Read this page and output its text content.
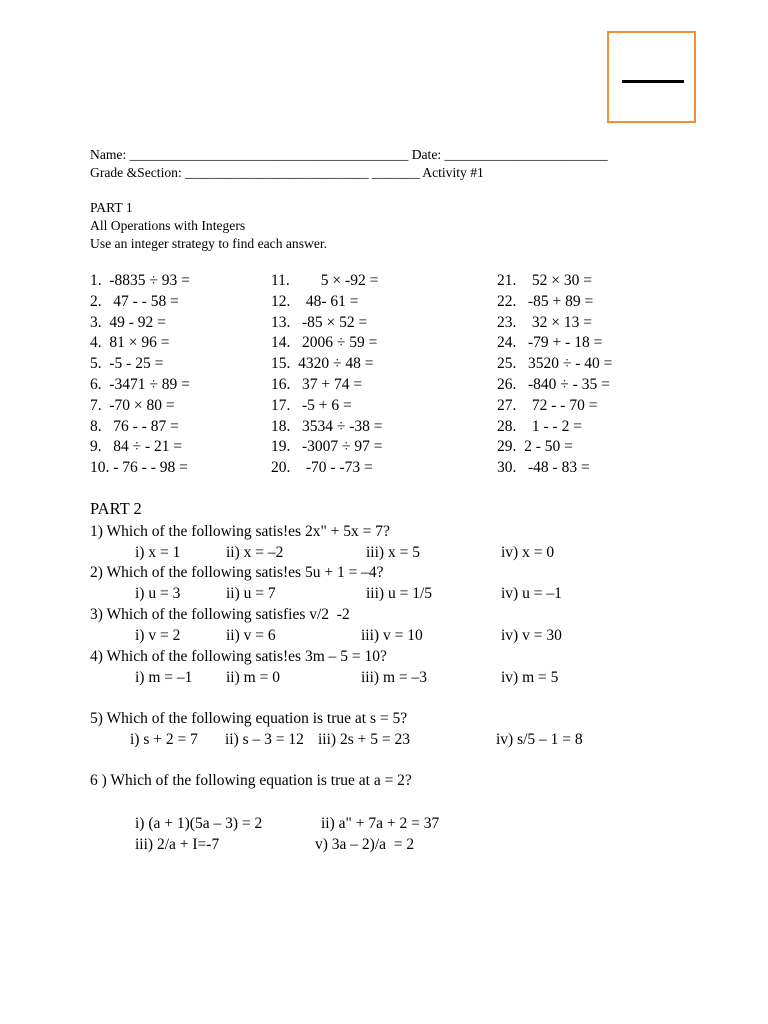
Name: _________________________________________ Date: ________________________
Grade &Section: ___________________________ _______ Activity #1
PART 1
All Operations with Integers
Use an integer strategy to find each answer.
1.  -8835 ÷ 93 =
2.   47 - - 58 =
3.  49 - 92 =
4.  81 × 96 =
5.  -5 - 25 =
6.  -3471 ÷ 89 =
7.  -70 × 80 =
8.   76 - - 87 =
9.   84 ÷ - 21 =
10. - 76 - - 98 =
11.        5 × -92 =
12.    48- 61 =
13.   -85 × 52 =
14.   2006 ÷ 59 =
15.  4320 ÷ 48 =
16.   37 + 74 =
17.   -5 + 6 =
18.   3534 ÷ -38 =
19.   -3007 ÷ 97 =
20.    -70 - -73 =
21.    52 × 30 =
22.   -85 + 89 =
23.    32 × 13 =
24.   -79 + - 18 =
25.   3520 ÷ - 40 =
26.   -840 ÷ - 35 =
27.    72 - - 70 =
28.    1 - - 2 =
29.  2 - 50 =
30.   -48 - 83 =
PART 2
1) Which of the following satis!es 2x" + 5x = 7?
i) x = 1	ii) x = –2	iii) x = 5	iv) x = 0
2) Which of the following satis!es 5u + 1 = –4?
i) u = 3	ii) u = 7	iii) u = 1/5	iv) u = –1
3) Which of the following satisfies v/2  -2
i) v = 2	ii) v = 6	iii) v = 10	iv) v = 30
4) Which of the following satis!es 3m – 5 = 10?
i) m = –1 ii) m = 0	iii) m = –3	iv) m = 5
5) Which of the following equation is true at s = 5?
i) s + 2 = 7 ii) s – 3 = 12 iii) 2s + 5 = 23	iv) s/5 – 1 = 8
6 ) Which of the following equation is true at a = 2?
i) (a + 1)(5a – 3) = 2	ii) a" + 7a + 2 = 37
iii) 2/a + I=-7	v) 3a – 2)/a  = 2
